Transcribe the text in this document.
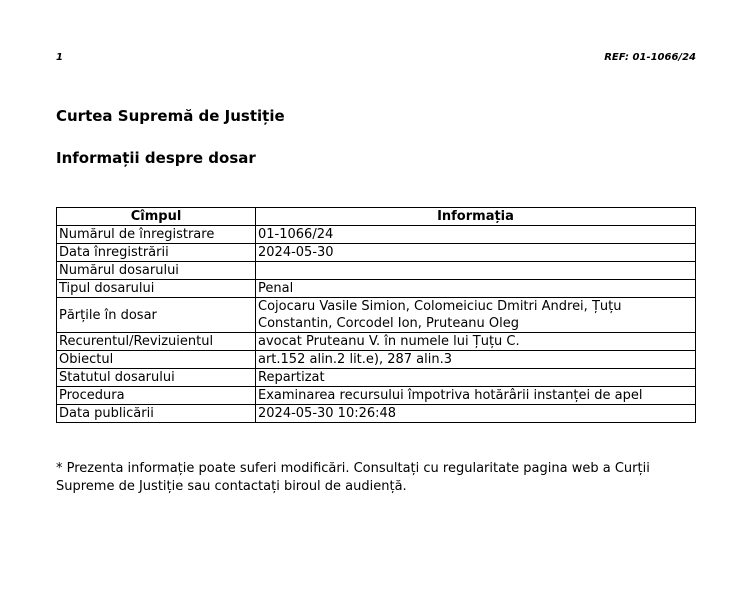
1	REF: 01-1066/24
Curtea Supremă de Justiție
Informații despre dosar
Cîmpul	Informația
Numărul de înregistrare	01-1066/24
Data înregistrării	2024-05-30
Numărul dosarului	
Tipul dosarului	Penal
Părțile în dosar	Cojocaru Vasile Simion, Colomeiciuc Dmitri Andrei, Țuțu Constantin, Corcodel Ion, Pruteanu Oleg
Recurentul/Revizuientul	avocat Pruteanu V. în numele lui Țuțu C.
Obiectul	art.152 alin.2 lit.e), 287 alin.3
Statutul dosarului	Repartizat
Procedura	Examinarea recursului împotriva hotărârii instanței de apel
Data publicării	2024-05-30 10:26:48
* Prezenta informație poate suferi modificări. Consultați cu regularitate pagina web a Curții Supreme de Justiție sau contactați biroul de audiență.
